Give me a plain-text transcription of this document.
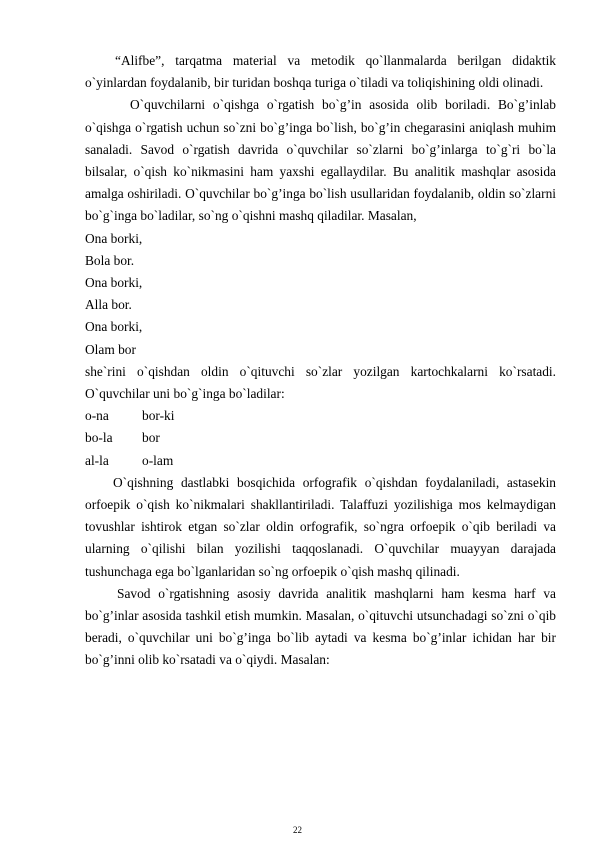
“Alifbe”, tarqatma material va metodik qo`llanmalarda berilgan didaktik o`yinlardan foydalanib, bir turidan boshqa turiga o`tiladi va toliqishining oldi olinadi.

O`quvchilarni o`qishga o`rgatish bo`g’in asosida olib boriladi. Bo`g’inlab o`qishga o`rgatish uchun so`zni bo`g’inga bo`lish, bo`g’in chegarasini aniqlash muhim sanaladi. Savod o`rgatish davrida o`quvchilar so`zlarni bo`g’inlarga to`g`ri bo`la bilsalar, o`qish ko`nikmasini ham yaxshi egallaydilar. Bu analitik mashqlar asosida amalga oshiriladi. O`quvchilar bo`g’inga bo`lish usullaridan foydalanib, oldin so`zlarni bo`g`inga bo`ladilar, so`ng o`qishni mashq qiladilar. Masalan,

Ona borki,

Bola bor.

Ona borki,

Alla bor.

Ona borki,

Olam bor

she`rini o`qishdan oldin o`qituvchi so`zlar yozilgan kartochkalarni ko`rsatadi. O`quvchilar uni bo`g`inga bo`ladilar:

o-na	bor-ki
bo-la	bor
al-la	o-lam

O`qishning dastlabki bosqichida orfografik o`qishdan foydalaniladi, astasekin orfoepik o`qish ko`nikmalari shakllantiriladi. Talaffuzi yozilishiga mos kelmaydigan tovushlar ishtirok etgan so`zlar oldin orfografik, so`ngra orfoepik o`qib beriladi va ularning o`qilishi bilan yozilishi taqqoslanadi. O`quvchilar muayyan darajada tushunchaga ega bo`lganlaridan so`ng orfoepik o`qish mashq qilinadi.

Savod o`rgatishning asosiy davrida analitik mashqlarni ham kesma harf va bo`g’inlar asosida tashkil etish mumkin. Masalan, o`qituvchi utsunchadagi so`zni o`qib beradi, o`quvchilar uni bo`g’inga bo`lib aytadi va kesma bo`g’inlar ichidan har bir bo`g’inni olib ko`rsatadi va o`qiydi. Masalan:

22
